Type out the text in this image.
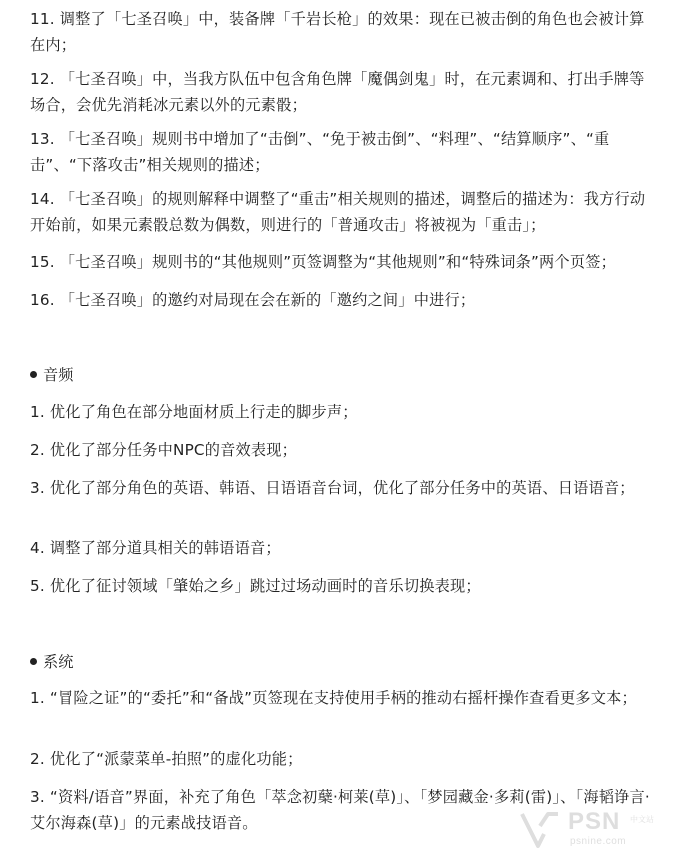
11. 调整了「七圣召唤」中，装备牌「千岩长枪」的效果：现在已被击倒的角色也会被计算在内；

12. 「七圣召唤」中，当我方队伍中包含角色牌「魔偶剑鬼」时，在元素调和、打出手牌等场合，会优先消耗冰元素以外的元素骰；

13. 「七圣召唤」规则书中增加了“击倒”、“免于被击倒”、“料理”、“结算顺序”、“重击”、“下落攻击”相关规则的描述；

14. 「七圣召唤」的规则解释中调整了“重击”相关规则的描述，调整后的描述为：我方行动开始前，如果元素骰总数为偶数，则进行的「普通攻击」将被视为「重击」；

15. 「七圣召唤」规则书的“其他规则”页签调整为“其他规则”和“特殊词条”两个页签；

16. 「七圣召唤」的邀约对局现在会在新的「邀约之间」中进行；

音频

1. 优化了角色在部分地面材质上行走的脚步声；

2. 优化了部分任务中NPC的音效表现；

3. 优化了部分角色的英语、韩语、日语语音台词，优化了部分任务中的英语、日语语音；

4. 调整了部分道具相关的韩语语音；

5. 优化了征讨领域「肇始之乡」跳过过场动画时的音乐切换表现；

系统

1. “冒险之证”的“委托”和“备战”页签现在支持使用手柄的推动右摇杆操作查看更多文本；

2. 优化了“派蒙菜单-拍照”的虚化功能；

3. “资料/语音”界面，补充了角色「萃念初蘖·柯莱(草)」、「梦园藏金·多莉(雷)」、「海韬诤言·艾尔海森(草)」的元素战技语音。	PSN 中文站
psnine.com
